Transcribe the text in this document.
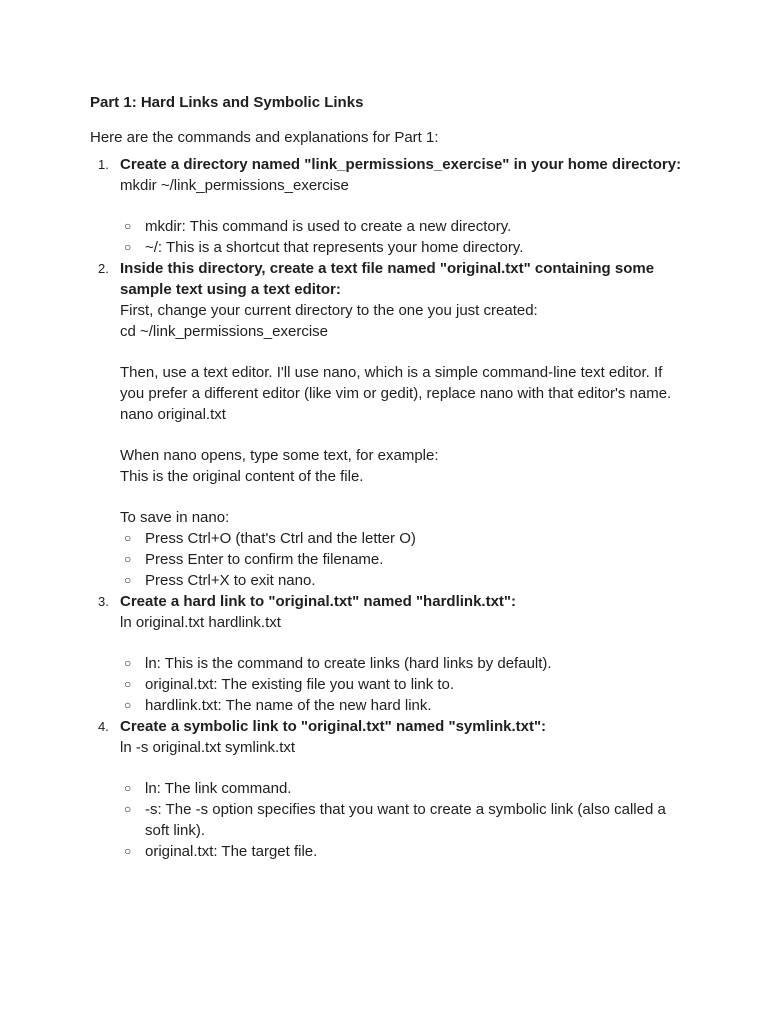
Part 1: Hard Links and Symbolic Links

Here are the commands and explanations for Part 1:

1. Create a directory named "link_permissions_exercise" in your home directory:
mkdir ~/link_permissions_exercise
○ mkdir: This command is used to create a new directory.
○ ~/: This is a shortcut that represents your home directory.
2. Inside this directory, create a text file named "original.txt" containing some sample text using a text editor:
First, change your current directory to the one you just created:
cd ~/link_permissions_exercise
Then, use a text editor. I'll use nano, which is a simple command-line text editor. If you prefer a different editor (like vim or gedit), replace nano with that editor's name.
nano original.txt
When nano opens, type some text, for example:
This is the original content of the file.
To save in nano:
○ Press Ctrl+O (that's Ctrl and the letter O)
○ Press Enter to confirm the filename.
○ Press Ctrl+X to exit nano.
3. Create a hard link to "original.txt" named "hardlink.txt":
ln original.txt hardlink.txt
○ ln: This is the command to create links (hard links by default).
○ original.txt: The existing file you want to link to.
○ hardlink.txt: The name of the new hard link.
4. Create a symbolic link to "original.txt" named "symlink.txt":
ln -s original.txt symlink.txt
○ ln: The link command.
○ -s: The -s option specifies that you want to create a symbolic link (also called a soft link).
○ original.txt: The target file.
